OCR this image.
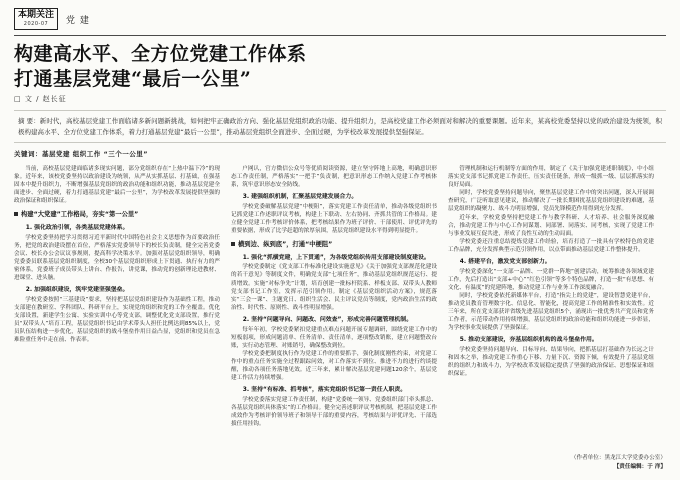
本期关注
2020-07 党 建
构建高水平、全方位党建工作体系
打通基层党建“最后一公里”
□ 文 / 赵长征
摘 要：新时代，高校基层党建工作面临诸多新问题新挑战，如何把牢正确政治方向、强化基层党组织政治功能、提升组织力，是高校党建工作必须面对和解决的重要课题。近年来，某高校党委坚持以党的政治建设为统领，积极构建高水平、全方位党建工作体系，着力打通基层党建“最后一公里”，推动基层党组织全面进步、全面过硬，为学校改革发展提供坚强保证。
关键词：基层党建 组织工作 “三个一公里”

当前，高校基层党建面临诸多现实问题，部分党组织存在“上热中温下冷”的现象。近年来，该校党委坚持以政治建设为统领，从严从实抓基层、打基础，在强基固本中提升组织力，不断增强基层党组织的政治功能和组织功能，推动基层党建全面进步、全面过硬，着力打通基层党建“最后一公里”，为学校改革发展提供坚强的政治保证和组织保证。

构建“大党建”工作格局，夯实“第一公里”
1. 强化政治引领，各类基层党建体系。

学校党委坚持把学习贯彻习近平新时代中国特色社会主义思想作为首要政治任务，把党的政治建设摆在首位，严格落实党委领导下的校长负责制，健全完善党委会议、校长办公会议议事规则，提高科学决策水平。加强对基层党组织领导，明确党委委员联系基层党组织制度，全校30个基层党组织形成上下贯通、执行有力的严密体系，党委班子成员带头上讲台、作报告，讲党课，推动党的创新理论进教材、进课堂、进头脑。

2. 加强组织建设，筑牢党建坚强堡垒。

学校党委按照“三基建设”要求，坚持把基层党组织建设作为基础性工程，推动支部建在教研室、学科团队、科研平台上，实现党的组织和党的工作全覆盖。优化支部设置，新建学生公寓、实验实训中心等党支部，调整优化党支部设置，推行党员“双带头人”培育工程，基层党组织书记由学术带头人担任比例达到85%以上，党员队伍结构进一步优化，基层党组织的战斗堡垒作用日益凸显，党组织和党员在急难险重任务中走在前、作表率。

户网认，官方微信公众号等优质阅读资源，建立坚守阵地上高地，明确意识形态工作责任制，严格落实“一把手”负责制，把意识形态工作纳入党建工作考核体系，筑牢意识形态安全防线。

3. 建强组织机制，汇聚基层党建发展合力。

学校党委破解基层党建“中梗阻”，落实党建工作责任清单，推动各级党组织书记抓党建工作述职评议考核，构建上下联动、左右协同、齐抓共管的工作格局。建立健全党建工作考核评价体系，把考核结果作为班子评价、干部使用、评优评先的重要依据，形成了比学赶超的浓厚氛围，基层党组织建设水平得到明显提升。

横到边、纵到底”，打通“中梗阻”
1. 强化“抓横党建，上下贯通”，为各级党组织传用支部建设制度建设。

学校党委制定《党支部工作标准化建设实施意见》《关于加强党支部规范化建设的若干意见》等制度文件，明确党支部“七项任务”，推动基层党组织规范运行、提质增效。实施“对标争先”计划，培育创建一批标杆院系、样板支部、双带头人教师党支部书记工作室，发挥示范引领作用。制定《基层党组织活动方案》，规范落实“三会一课”、主题党日、组织生活会、民主评议党员等制度，党内政治生活的政治性、时代性、原则性、战斗性明显增强。

2. 坚持“问题导向、问题改、问效查”，形成完善问题管理机制。

每年年初，学校党委紧扣党建重点难点问题开展专题调研，围绕党建工作中的短板弱项，形成问题清单、任务清单、责任清单，逐项整改销账，建立问题整改台账，实行动态管理、对账销号，确保整改到位。

学校党委把制度执行作为党建工作的重要抓手，强化制度刚性约束，对党建工作中的重点任务实施全过程跟踪问效，对工作落实不到位、推进不力的进行约谈提醒，推动各项任务落地见效。近三年来，累计解决基层党建问题120余个，基层党建工作活力持续增强。

3. 坚持“有标准、抓考核”，落实党组织书记第一责任人职责。

学校党委落实党建工作责任制，构建“党委统一领导、党委组织部门牵头抓总、各基层党组织具体落实”的工作格局。健全完善述职评议考核机制，把基层党建工作成效作为考核评价领导班子和领导干部的重要内容，考核结果与评优评先、干部选拔任用挂钩。

管理机制和运行机制等方面的作用，制定了《关于加强党建述职制度》，中小组落实党支部书记抓党建工作责任，压实责任链条，形成一级抓一级、层层抓落实的良好局面。

同时，学校党委坚持问题导向，聚焦基层党建工作中的突出问题，深入开展调查研究，广泛听取意见建议，推动解决了一批长期困扰基层党组织建设的难题，基层党组织的凝聚力、战斗力明显增强，党员先锋模范作用得到充分发挥。

近年来，学校党委坚持把党建工作与教学科研、人才培养、社会服务深度融合，推动党建工作与中心工作同谋划、同部署、同落实、同考核，实现了党建工作与事业发展互促共进，形成了良性互动的生动局面。

学校党委还注重总结提炼党建工作经验，培育打造了一批具有学校特色的党建工作品牌，充分发挥典型示范引领作用，以点带面推动基层党建工作整体提升。

4. 搭建平台，激发党支部创新力。

学校党委深化“一支部一品牌、一党群一阵地”创建活动，统筹推进各领域党建工作，先后打造出“支部+中心”“红色引领”等多个特色品牌，打造一批“有思想、有文化、有温度”的党建阵地，推动党建工作与业务工作深度融合。

同时，学校党委依托新媒体平台，打造“指尖上的党建”，建设智慧党建平台，推动党员教育管理数字化、信息化、智能化，提高党建工作的精准性和实效性。近三年来，所在党支部获评省级先进基层党组织5个，涌现出一批优秀共产党员和党务工作者，示范带动作用持续增强，基层党组织的政治功能和组织功能进一步彰显，为学校事业发展提供了坚强保证。

5. 推动支部建设，夯基层组织机构的战斗堡垒作用。

学校党委坚持问题导向、目标导向、结果导向，把抓基层打基础作为长远之计和固本之举，推动党建工作重心下移、力量下沉、资源下倾，有效提升了基层党组织的组织力和战斗力，为学校改革发展稳定提供了坚强的政治保证、思想保证和组织保证。

（作者单位：黑龙江大学党委办公室）
【责任编辑：于 洋】
